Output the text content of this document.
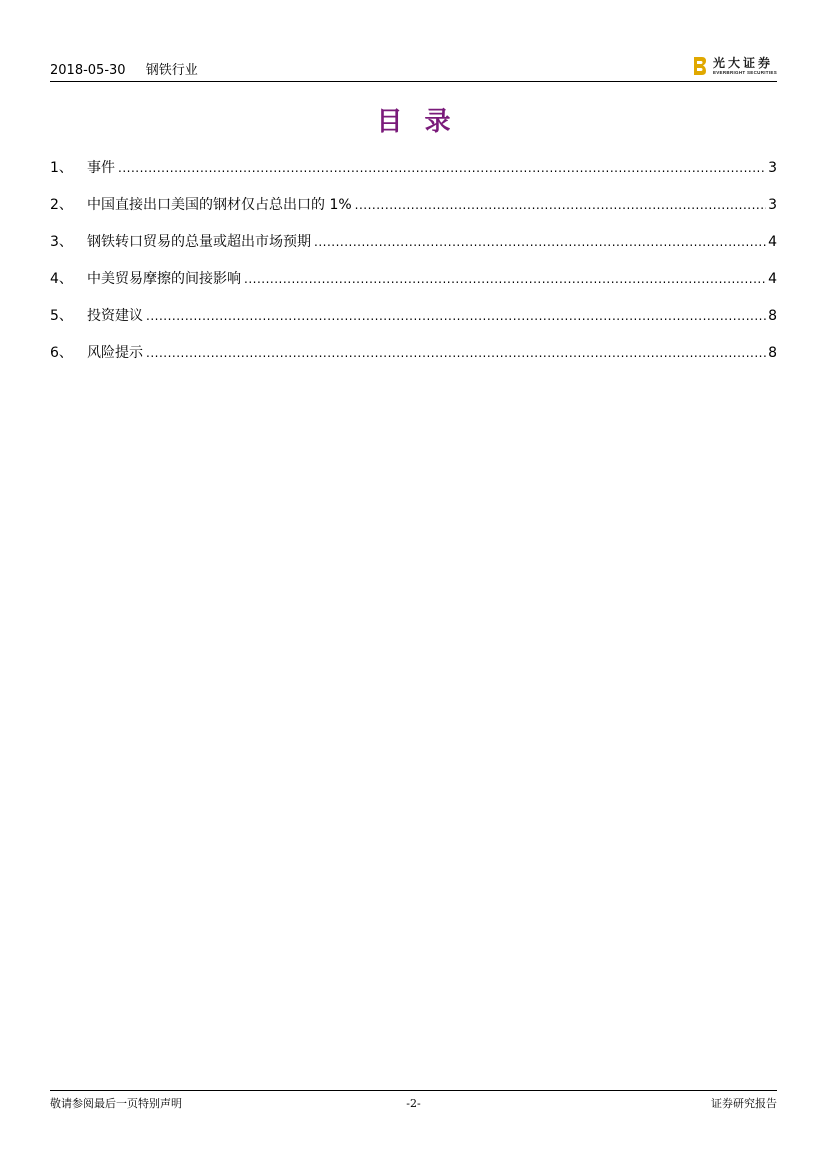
2018-05-30 钢铁行业
光大证券
EVERBRIGHT SECURITIES
目录
1、	事件 .....	3
2、	中国直接出口美国的钢材仅占总出口的 1% .....	3
3、	钢铁转口贸易的总量或超出市场预期 .....	4
4、	中美贸易摩擦的间接影响 .....	4
5、	投资建议 .....	8
6、	风险提示 .....	8
敬请参阅最后一页特别声明	-2-	证券研究报告
